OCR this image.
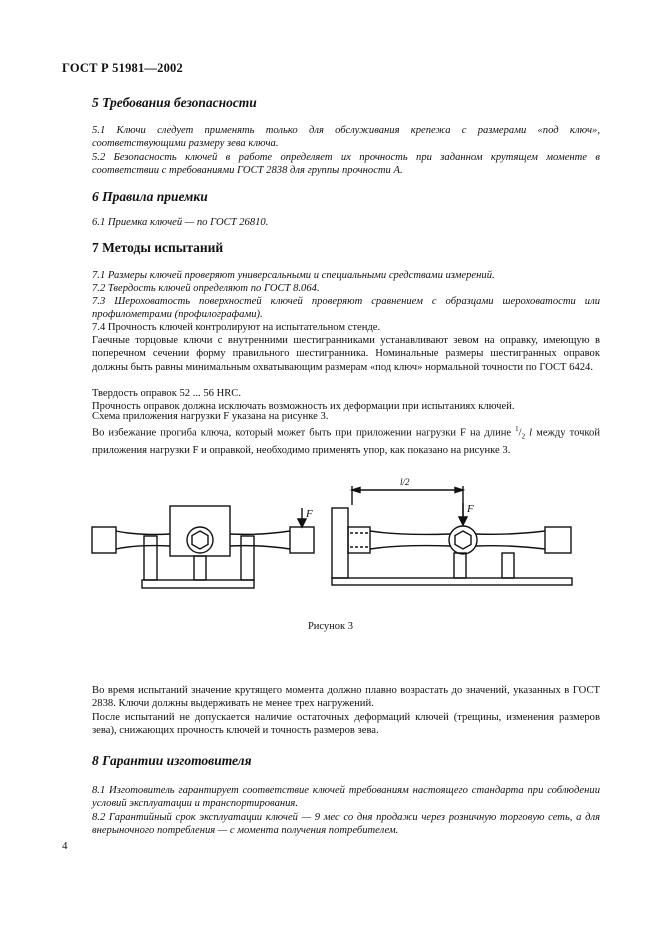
ГОСТ Р 51981—2002
5 Требования безопасности
5.1 Ключи следует применять только для обслуживания крепежа с размерами «под ключ», соответствующими размеру зева ключа.
5.2 Безопасность ключей в работе определяет их прочность при заданном крутящем моменте в соответствии с требованиями ГОСТ 2838 для группы прочности А.
6 Правила приемки
6.1 Приемка ключей — по ГОСТ 26810.
7 Методы испытаний
7.1 Размеры ключей проверяют универсальными и специальными средствами измерений.
7.2 Твердость ключей определяют по ГОСТ 8.064.
7.3 Шероховатость поверхностей ключей проверяют сравнением с образцами шероховатости или профилометрами (профилографами).
7.4 Прочность ключей контролируют на испытательном стенде.
Гаечные торцовые ключи с внутренними шестигранниками устанавливают зевом на оправку, имеющую в поперечном сечении форму правильного шестигранника. Номинальные размеры шестигранных оправок должны быть равны минимальным охватывающим размерам «под ключ» нормальной точности по ГОСТ 6424.
Твердость оправок 52 ... 56 HRC.
Прочность оправок должна исключать возможность их деформации при испытаниях ключей.
Схема приложения нагрузки F указана на рисунке 3.
Во избежание прогиба ключа, который может быть при приложении нагрузки F на длине $^1/_2$ l между точкой приложения нагрузки F и оправкой, необходимо применять упор, как показано на рисунке 3.
F	F
l/2
Рисунок 3
Во время испытаний значение крутящего момента должно плавно возрастать до значений, указанных в ГОСТ 2838. Ключи должны выдерживать не менее трех нагружений.
После испытаний не допускается наличие остаточных деформаций ключей (трещины, изменения размеров зева), снижающих прочность ключей и точность размеров зева.
8 Гарантии изготовителя
8.1 Изготовитель гарантирует соответствие ключей требованиям настоящего стандарта при соблюдении условий эксплуатации и транспортирования.
8.2 Гарантийный срок эксплуатации ключей — 9 мес со дня продажи через розничную торговую сеть, а для внерыночного потребления — с момента получения потребителем.
4
